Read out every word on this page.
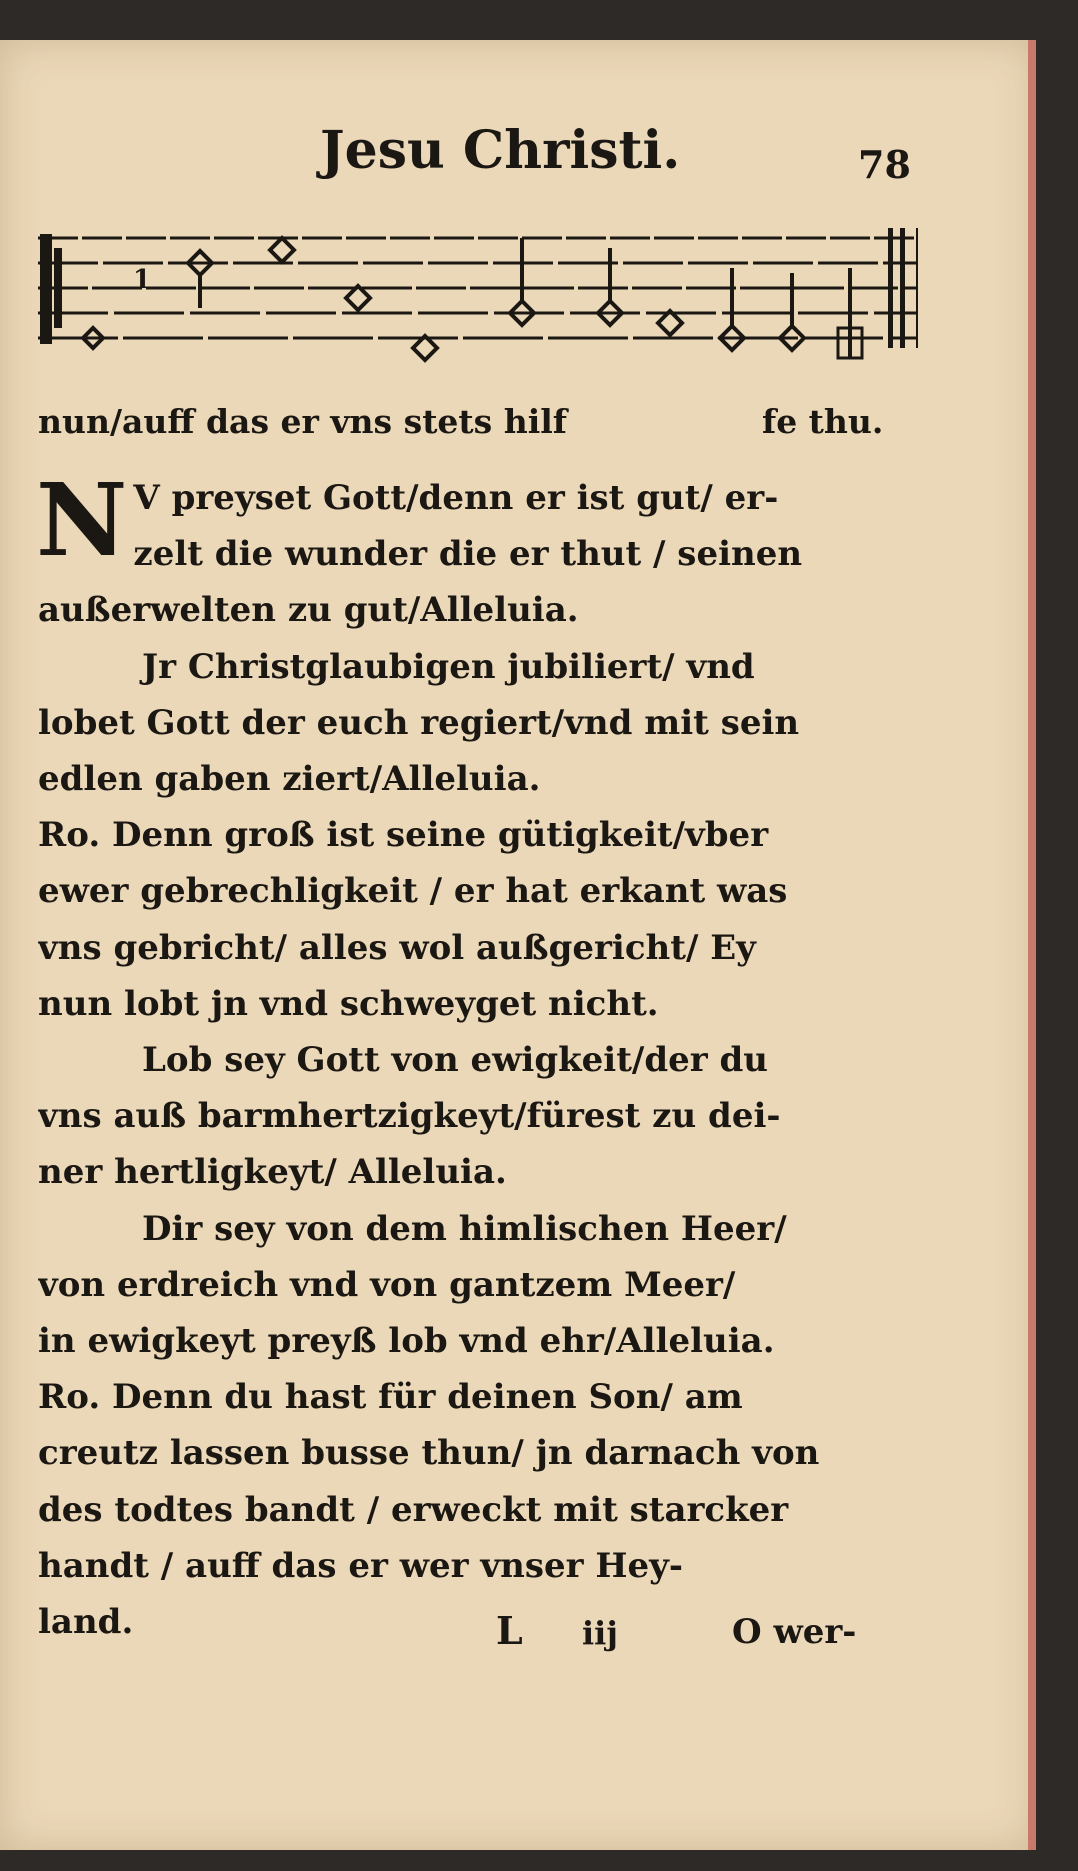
Jesu Christi.	78
1
nun/auff das er vns stets hilf	fe thu.
N V preyset Gott/denn er ist gut/ er-
zelt die wunder die er thut / seinen
außerwelten zu gut/Alleluia.
Jr Christglaubigen jubiliert/ vnd
lobet Gott der euch regiert/vnd mit sein
edlen gaben ziert/Alleluia.
Ro. Denn groß ist seine gütigkeit/vber
ewer gebrechligkeit / er hat erkant was
vns gebricht/ alles wol außgericht/ Ey
nun lobt jn vnd schweyget nicht.
Lob sey Gott von ewigkeit/der du
vns auß barmhertzigkeyt/fürest zu dei-
ner hertligkeyt/ Alleluia.
Dir sey von dem himlischen Heer/
von erdreich vnd von gantzem Meer/
in ewigkeyt preyß lob vnd ehr/Alleluia.
Ro. Denn du hast für deinen Son/ am
creutz lassen busse thun/ jn darnach von
des todtes bandt / erweckt mit starcker
handt / auff das er wer vnser Hey-
land.	L iij	O wer-
